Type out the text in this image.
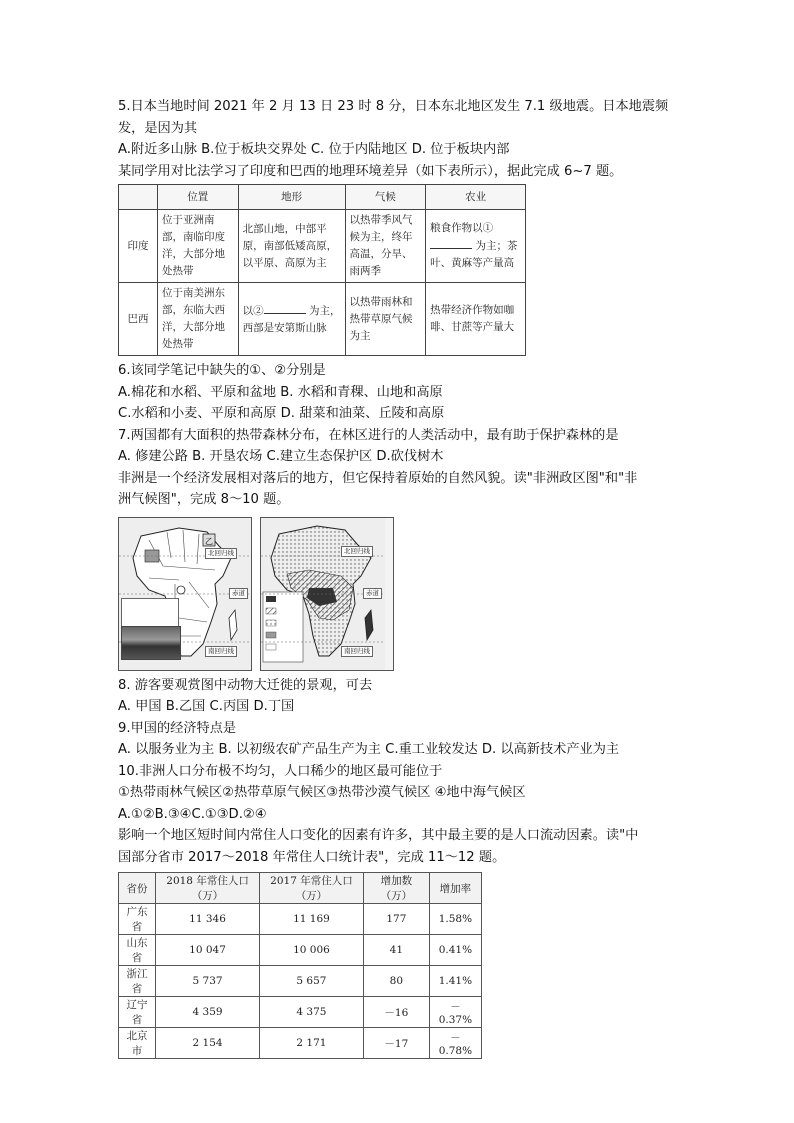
5.日本当地时间 2021 年 2 月 13 日 23 时 8 分，日本东北地区发生 7.1 级地震。日本地震频
发，是因为其
A.附近多山脉 B.位于板块交界处 C. 位于内陆地区 D. 位于板块内部
某同学用对比法学习了印度和巴西的地理环境差异（如下表所示），据此完成 6~7 题。
	位置	地形	气候	农业
印度	位于亚洲南部，南临印度洋，大部分地处热带	北部山地，中部平原，南部低矮高原，以平原、高原为主	以热带季风气候为主，终年高温，分旱、雨两季	粮食作物以① 为主；茶叶、黄麻等产量高
巴西	位于南美洲东部，东临大西洋，大部分地处热带	以② 为主，西部是安第斯山脉	以热带雨林和热带草原气候为主	热带经济作物如咖啡、甘蔗等产量大
6.该同学笔记中缺失的①、②分别是
A.棉花和水稻、平原和盆地 B. 水稻和青稞、山地和高原
C.水稻和小麦、平原和高原 D. 甜菜和油菜、丘陵和高原
7.两国都有大面积的热带森林分布，在林区进行的人类活动中，最有助于保护森林的是
A. 修建公路 B. 开垦农场 C.建立生态保护区 D.砍伐树木
非洲是一个经济发展相对落后的地方，但它保持着原始的自然风貌。读"非洲政区图"和"非
洲气候图"，完成 8～10 题。
乙
北回归线
赤道
南回归线
北回归线
赤道
南回归线
8. 游客要观赏图中动物大迁徙的景观，可去
A. 甲国 B.乙国 C.丙国 D.丁国
9.甲国的经济特点是
A. 以服务业为主 B. 以初级农矿产品生产为主 C.重工业较发达 D. 以高新技术产业为主
10.非洲人口分布极不均匀，人口稀少的地区最可能位于
①热带雨林气候区②热带草原气候区③热带沙漠气候区 ④地中海气候区
A.①②B.③④C.①③D.②④
影响一个地区短时间内常住人口变化的因素有许多，其中最主要的是人口流动因素。读"中
国部分省市 2017～2018 年常住人口统计表"，完成 11～12 题。
省份	2018 年常住人口（万）	2017 年常住人口（万）	增加数（万）	增加率
广东省	11 346	11 169	177	1.58%
山东省	10 047	10 006	41	0.41%
浙江省	5 737	5 657	80	1.41%
辽宁省	4 359	4 375	－16	－0.37%
北京市	2 154	2 171	－17	－0.78%
